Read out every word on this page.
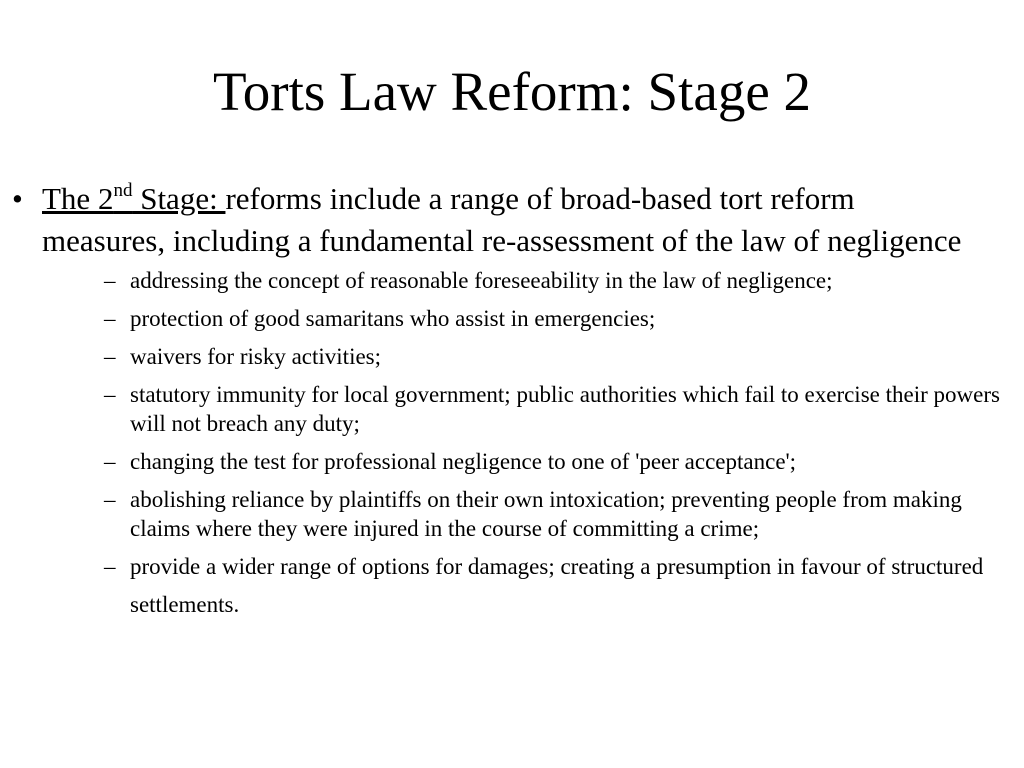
Torts Law Reform: Stage 2
• The 2nd Stage: reforms include a range of broad-based tort reform measures, including a fundamental re-assessment of the law of negligence
– addressing the concept of reasonable foreseeability in the law of negligence;
– protection of good samaritans who assist in emergencies;
– waivers for risky activities;
– statutory immunity for local government; public authorities which fail to exercise their powers will not breach any duty;
– changing the test for professional negligence to one of 'peer acceptance';
– abolishing reliance by plaintiffs on their own intoxication; preventing people from making claims where they were injured in the course of committing a crime;
– provide a wider range of options for damages; creating a presumption in favour of structured settlements.
